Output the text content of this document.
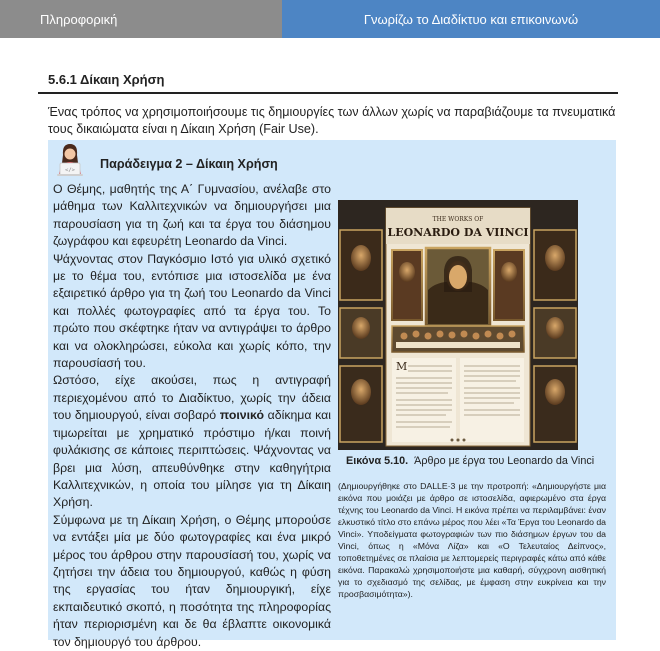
Πληροφορική	Γνωρίζω το Διαδίκτυο και επικοινωνώ
5.6.1 Δίκαιη Χρήση
Ένας τρόπος να χρησιμοποιήσουμε τις δημιουργίες των άλλων χωρίς να παραβιάζουμε τα πνευματικά τους δικαιώματα είναι η Δίκαιη Χρήση (Fair Use).
</> Παράδειγμα 2 – Δίκαιη Χρήση

Ο Θέμης, μαθητής της Α΄ Γυμνασίου, ανέλαβε στο μάθημα των Καλλιτεχνικών να δημιουργήσει μια παρουσίαση για τη ζωή και τα έργα του διάσημου ζωγράφου και εφευρέτη Leonardo da Vinci.

Ψάχνοντας στον Παγκόσμιο Ιστό για υλικό σχετικό με το θέμα του, εντόπισε μια ιστοσελίδα με ένα εξαιρετικό άρθρο για τη ζωή του Leonardo da Vinci και πολλές φωτογραφίες από τα έργα του. Το πρώτο που σκέφτηκε ήταν να αντιγράψει το άρθρο και να ολοκληρώσει, εύκολα και χωρίς κόπο, την παρουσίασή του.

Ωστόσο, είχε ακούσει, πως η αντιγραφή περιεχομένου από το Διαδίκτυο, χωρίς την άδεια του δημιουργού, είναι σοβαρό ποινικό αδίκημα και τιμωρείται με χρηματικό πρόστιμο ή/και ποινή φυλάκισης σε κάποιες περιπτώσεις. Ψάχνοντας να βρει μια λύση, απευθύνθηκε στην καθηγήτρια Καλλιτεχνικών, η οποία του μίλησε για τη Δίκαιη Χρήση.

Σύμφωνα με τη Δίκαιη Χρήση, ο Θέμης μπορούσε να εντάξει μία με δύο φωτογραφίες και ένα μικρό μέρος του άρθρου στην παρουσίασή του, χωρίς να ζητήσει την άδεια του δημιουργού, καθώς η φύση της εργασίας του ήταν δημιουργική, είχε εκπαιδευτικό σκοπό, η ποσότητα της πληροφορίας ήταν περιορισμένη και δε θα έβλαπτε οικονομικά τον δημιουργό του άρθρου.

THE WORKS OF
LEONARDO DA VIINCI
M
Εικόνα 5.10. Άρθρο με έργα του Leonardo da Vinci
(Δημιουργήθηκε στο DALLE·3 με την προτροπή: «Δημιουργήστε μια εικόνα που μοιάζει με άρθρο σε ιστοσελίδα, αφιερωμένο στα έργα τέχνης του Leonardo da Vinci. Η εικόνα πρέπει να περιλαμβάνει: έναν ελκυστικό τίτλο στο επάνω μέρος που λέει «Τα Έργα του Leonardo da Vinci». Υποδείγματα φωτογραφιών των πιο διάσημων έργων του da Vinci, όπως η «Μόνα Λίζα» και «Ο Τελευταίος Δείπνος», τοποθετημένες σε πλαίσια με λεπτομερείς περιγραφές κάτω από κάθε εικόνα. Παρακαλώ χρησιμοποιήστε μια καθαρή, σύγχρονη αισθητική για το σχεδιασμό της σελίδας, με έμφαση στην ευκρίνεια και την προσβασιμότητα»).
